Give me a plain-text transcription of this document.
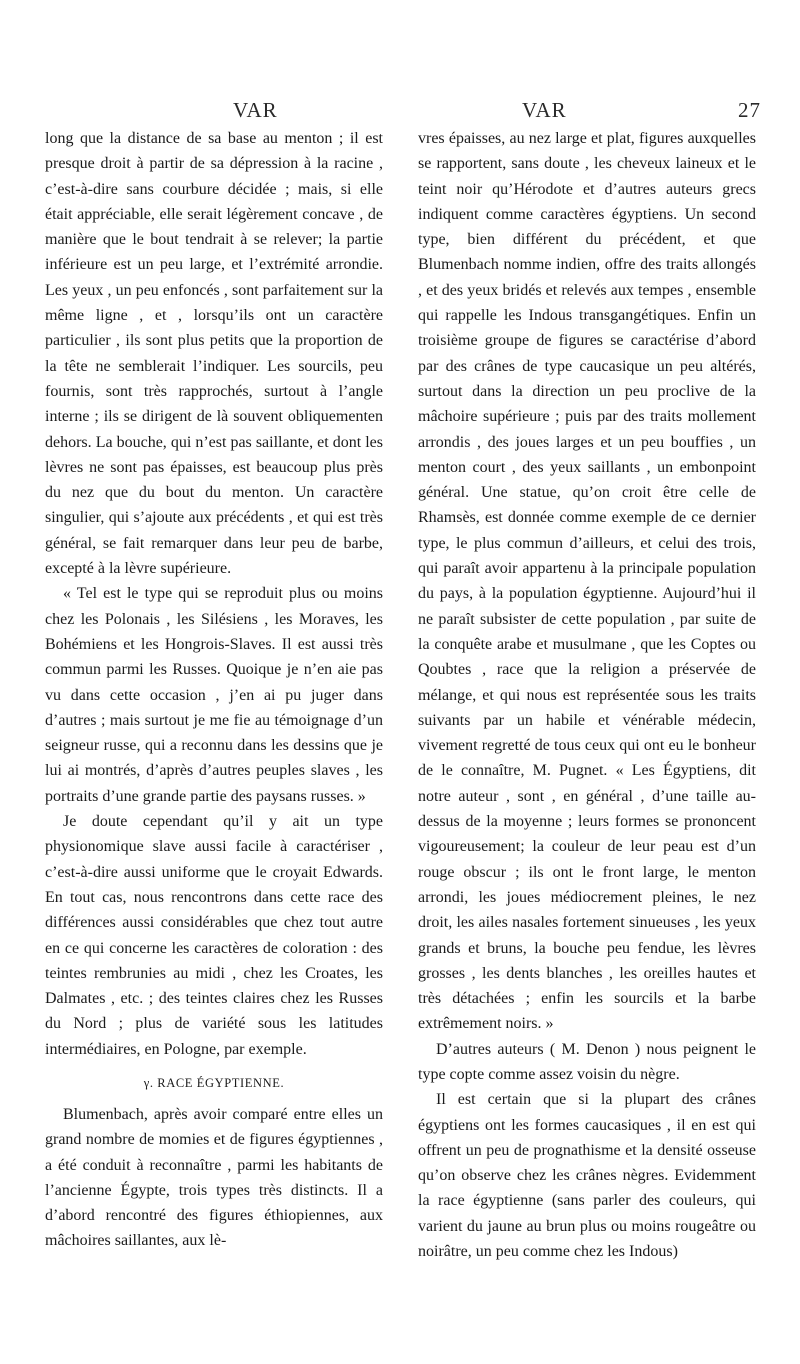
VAR	VAR	27

long que la distance de sa base au menton ; il est presque droit à partir de sa dépression à la racine , c’est-à-dire sans courbure décidée ; mais, si elle était appréciable, elle serait légèrement concave , de manière que le bout tendrait à se relever; la partie inférieure est un peu large, et l’extrémité arrondie. Les yeux , un peu enfoncés , sont parfaitement sur la même ligne , et , lorsqu’ils ont un caractère particulier , ils sont plus petits que la proportion de la tête ne semblerait l’indiquer. Les sourcils, peu fournis, sont très rapprochés, surtout à l’angle interne ; ils se dirigent de là souvent obliquementen dehors. La bouche, qui n’est pas saillante, et dont les lèvres ne sont pas épaisses, est beaucoup plus près du nez que du bout du menton. Un caractère singulier, qui s’ajoute aux précédents , et qui est très général, se fait remarquer dans leur peu de barbe, excepté à la lèvre supérieure.

« Tel est le type qui se reproduit plus ou moins chez les Polonais , les Silésiens , les Moraves, les Bohémiens et les Hongrois-Slaves. Il est aussi très commun parmi les Russes. Quoique je n’en aie pas vu dans cette occasion , j’en ai pu juger dans d’autres ; mais surtout je me fie au témoignage d’un seigneur russe, qui a reconnu dans les dessins que je lui ai montrés, d’après d’autres peuples slaves , les portraits d’une grande partie des paysans russes. »

Je doute cependant qu’il y ait un type physionomique slave aussi facile à caractériser , c’est-à-dire aussi uniforme que le croyait Edwards. En tout cas, nous rencontrons dans cette race des différences aussi considérables que chez tout autre en ce qui concerne les caractères de coloration : des teintes rembrunies au midi , chez les Croates, les Dalmates , etc. ; des teintes claires chez les Russes du Nord ; plus de variété sous les latitudes intermédiaires, en Pologne, par exemple.

γ. RACE ÉGYPTIENNE.

Blumenbach, après avoir comparé entre elles un grand nombre de momies et de figures égyptiennes , a été conduit à reconnaître , parmi les habitants de l’ancienne Égypte, trois types très distincts. Il a d’abord rencontré des figures éthiopiennes, aux mâchoires saillantes, aux lè-

vres épaisses, au nez large et plat, figures auxquelles se rapportent, sans doute , les cheveux laineux et le teint noir qu’Hérodote et d’autres auteurs grecs indiquent comme caractères égyptiens. Un second type, bien différent du précédent, et que Blumenbach nomme indien, offre des traits allongés , et des yeux bridés et relevés aux tempes , ensemble qui rappelle les Indous transgangétiques. Enfin un troisième groupe de figures se caractérise d’abord par des crânes de type caucasique un peu altérés, surtout dans la direction un peu proclive de la mâchoire supérieure ; puis par des traits mollement arrondis , des joues larges et un peu bouffies , un menton court , des yeux saillants , un embonpoint général. Une statue, qu’on croit être celle de Rhamsès, est donnée comme exemple de ce dernier type, le plus commun d’ailleurs, et celui des trois, qui paraît avoir appartenu à la principale population du pays, à la population égyptienne. Aujourd’hui il ne paraît subsister de cette population , par suite de la conquête arabe et musulmane , que les Coptes ou Qoubtes , race que la religion a préservée de mélange, et qui nous est représentée sous les traits suivants par un habile et vénérable médecin, vivement regretté de tous ceux qui ont eu le bonheur de le connaître, M. Pugnet. « Les Égyptiens, dit notre auteur , sont , en général , d’une taille au-dessus de la moyenne ; leurs formes se prononcent vigoureusement; la couleur de leur peau est d’un rouge obscur ; ils ont le front large, le menton arrondi, les joues médiocrement pleines, le nez droit, les ailes nasales fortement sinueuses , les yeux grands et bruns, la bouche peu fendue, les lèvres grosses , les dents blanches , les oreilles hautes et très détachées ; enfin les sourcils et la barbe extrêmement noirs. »

D’autres auteurs ( M. Denon ) nous peignent le type copte comme assez voisin du nègre.

Il est certain que si la plupart des crânes égyptiens ont les formes caucasiques , il en est qui offrent un peu de prognathisme et la densité osseuse qu’on observe chez les crânes nègres. Evidemment la race égyptienne (sans parler des couleurs, qui varient du jaune au brun plus ou moins rougeâtre ou noirâtre, un peu comme chez les Indous)
